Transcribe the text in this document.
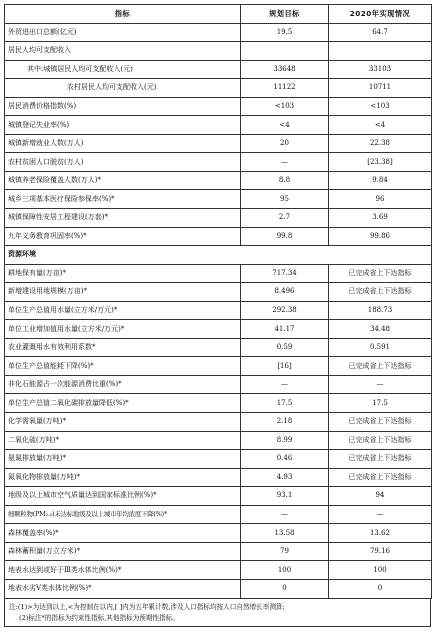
指标	规划目标	2020年实现情况
外贸进出口总额(亿元)	19.5	64.7
居民人均可支配收入		
其中:城镇居民人均可支配收入(元)	33648	33103
农村居民人均可支配收入(元)	11122	10711
居民消费价格指数(%)	<103	<103
城镇登记失业率(%)	<4	<4
城镇新增就业人数(万人)	20	22.38
农村贫困人口脱贫(万人)	—	[23.38]
城镇养老保险覆盖人数(万人)*	8.8	9.84
城乡三项基本医疗保险参保率(%)*	95	96
城镇保障性安居工程建设(万套)*	2.7	3.69
九年义务教育巩固率(%)*	99.8	99.86
资源环境		
耕地保有量(万亩)*	717.34	已完成省上下达指标
新增建设用地规模(万亩)*	8.496	已完成省上下达指标
单位生产总值用水量(立方米/万元)*	292.38	188.73
单位工业增加值用水量(立方米/万元)*	41.17	34.48
农业灌溉用水有效利用系数*	0.59	0.591
单位生产总值能耗下降(%)*	[16]	已完成省上下达指标
非化石能源占一次能源消费比重(%)*	—	—
单位生产总值二氧化碳排放量降低(%)*	17.5	17.5
化学需氧量(万吨)*	2.18	已完成省上下达指标
二氧化硫(万吨)*	8.99	已完成省上下达指标
氨氮排放量(万吨)*	0.46	已完成省上下达指标
氮氧化物排放量(万吨)*	4.93	已完成省上下达指标
地级及以上城市空气质量达到国家标准比例(%)*	93.1	94
细颗粒物(PM₂.₅)未达标地级及以上城市年均浓度下降(%)*	—	—
森林覆盖率(%)*	13.58	13.62
森林蓄积量(万立方米)*	79	79.16
地表水达到或好于Ⅲ类水体比例(%)*	100	100
地表水劣Ⅴ类水体比例(%)*	0	0
注:(1)>为达到以上,<为控制在以内,[ ]内为五年累计数,涉及人口指标均按人口自然增长率测算;
(2)标注*的指标为约束性指标,其他指标为预期性指标。
